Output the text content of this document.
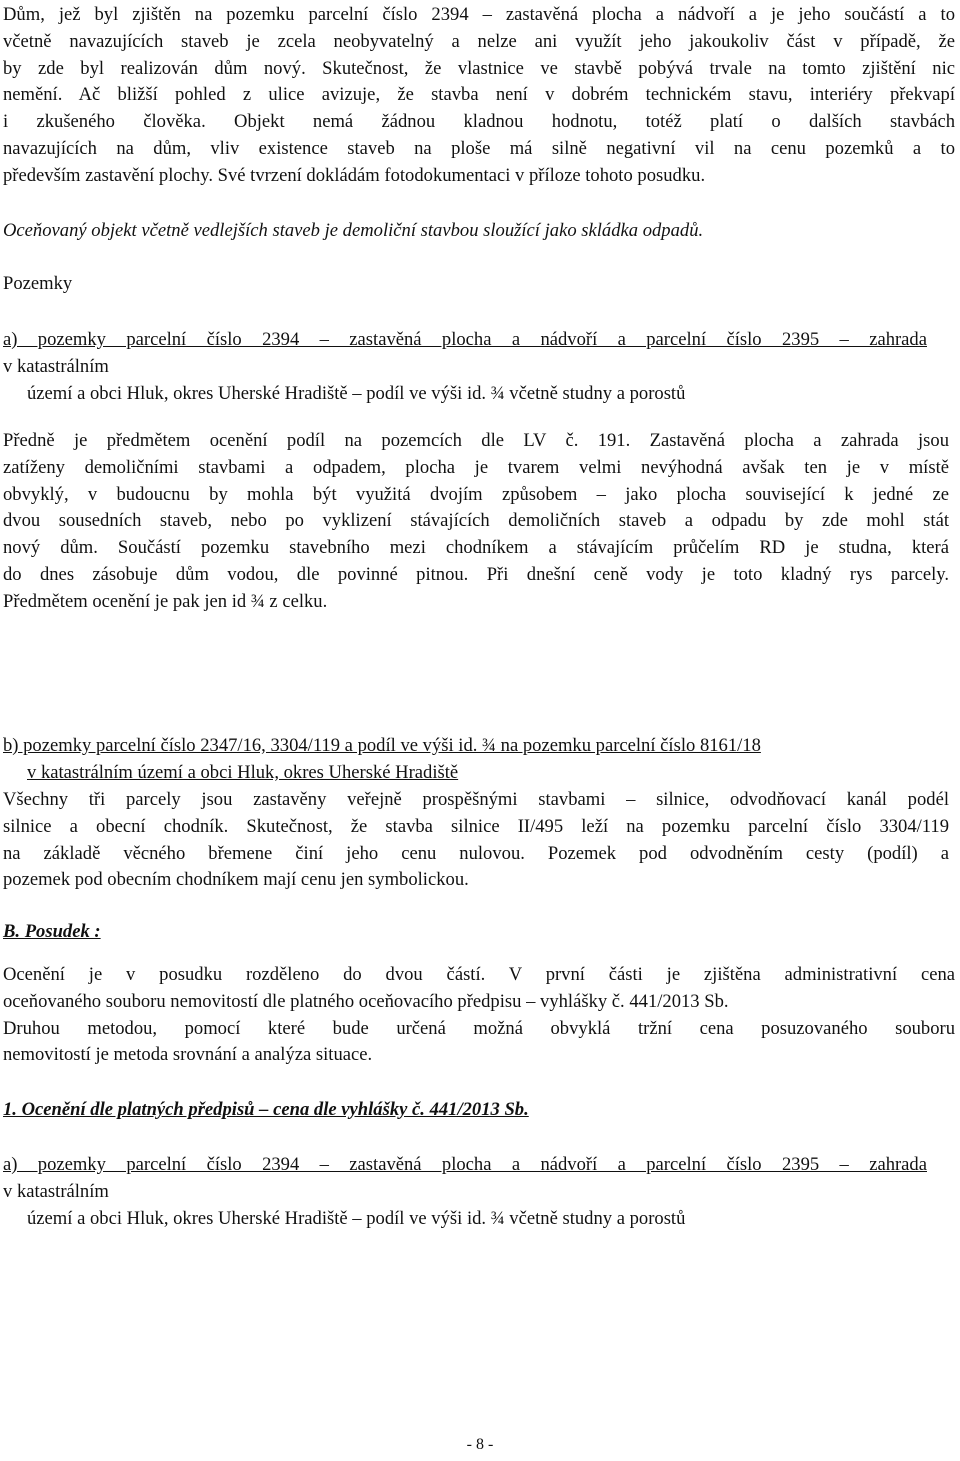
Dům, jež byl zjištěn na pozemku parcelní číslo 2394 – zastavěná plocha a nádvoří a je jeho součástí a to
včetně navazujících staveb je zcela neobyvatelný a nelze ani využít jeho jakoukoliv část v případě, že
by zde byl realizován dům nový. Skutečnost, že vlastnice ve stavbě pobývá trvale na tomto zjištění nic
nemění. Ač bližší pohled z ulice avizuje, že stavba není v dobrém technickém stavu, interiéry překvapí
i zkušeného člověka. Objekt nemá žádnou kladnou hodnotu, totéž platí o dalších stavbách
navazujících na dům, vliv existence staveb na ploše má silně negativní vil na cenu pozemků a to
především zastavění plochy. Své tvrzení dokládám fotodokumentaci v příloze tohoto posudku.
Oceňovaný objekt včetně vedlejších staveb je demoliční stavbou sloužící jako skládka odpadů.
Pozemky
a) pozemky parcelní číslo 2394 – zastavěná plocha a nádvoří a parcelní číslo 2395 – zahrada
v katastrálním
území a obci Hluk, okres Uherské Hradiště – podíl ve výši id. ¾ včetně studny a porostů
Předně je předmětem ocenění podíl na pozemcích dle LV č. 191. Zastavěná plocha a zahrada jsou
zatíženy demoličními stavbami a odpadem, plocha je tvarem velmi nevýhodná avšak ten je v místě
obvyklý, v budoucnu by mohla být využitá dvojím způsobem – jako plocha související k jedné ze
dvou sousedních staveb, nebo po vyklizení stávajících demoličních staveb a odpadu by zde mohl stát
nový dům. Součástí pozemku stavebního mezi chodníkem a stávajícím průčelím RD je studna, která
do dnes zásobuje dům vodou, dle povinné pitnou. Při dnešní ceně vody je toto kladný rys parcely.
Předmětem ocenění je pak jen id ¾ z celku.
b) pozemky parcelní číslo 2347/16, 3304/119 a podíl ve výši id. ¾ na pozemku parcelní číslo 8161/18
v katastrálním území a obci Hluk, okres Uherské Hradiště
Všechny tři parcely jsou zastavěny veřejně prospěšnými stavbami – silnice, odvodňovací kanál podél
silnice a obecní chodník. Skutečnost, že stavba silnice II/495 leží na pozemku parcelní číslo 3304/119
na základě věcného břemene činí jeho cenu nulovou. Pozemek pod odvodněním cesty (podíl) a
pozemek pod obecním chodníkem mají cenu jen symbolickou.
B. Posudek :
Ocenění je v posudku rozděleno do dvou částí. V první části je zjištěna administrativní cena
oceňovaného souboru nemovitostí dle platného oceňovacího předpisu – vyhlášky č. 441/2013 Sb.
Druhou metodou, pomocí které bude určená možná obvyklá tržní cena posuzovaného souboru
nemovitostí je metoda srovnání a analýza situace.
1. Ocenění dle platných předpisů – cena dle vyhlášky č. 441/2013 Sb.
a) pozemky parcelní číslo 2394 – zastavěná plocha a nádvoří a parcelní číslo 2395 – zahrada
v katastrálním
území a obci Hluk, okres Uherské Hradiště – podíl ve výši id. ¾ včetně studny a porostů
- 8 -
